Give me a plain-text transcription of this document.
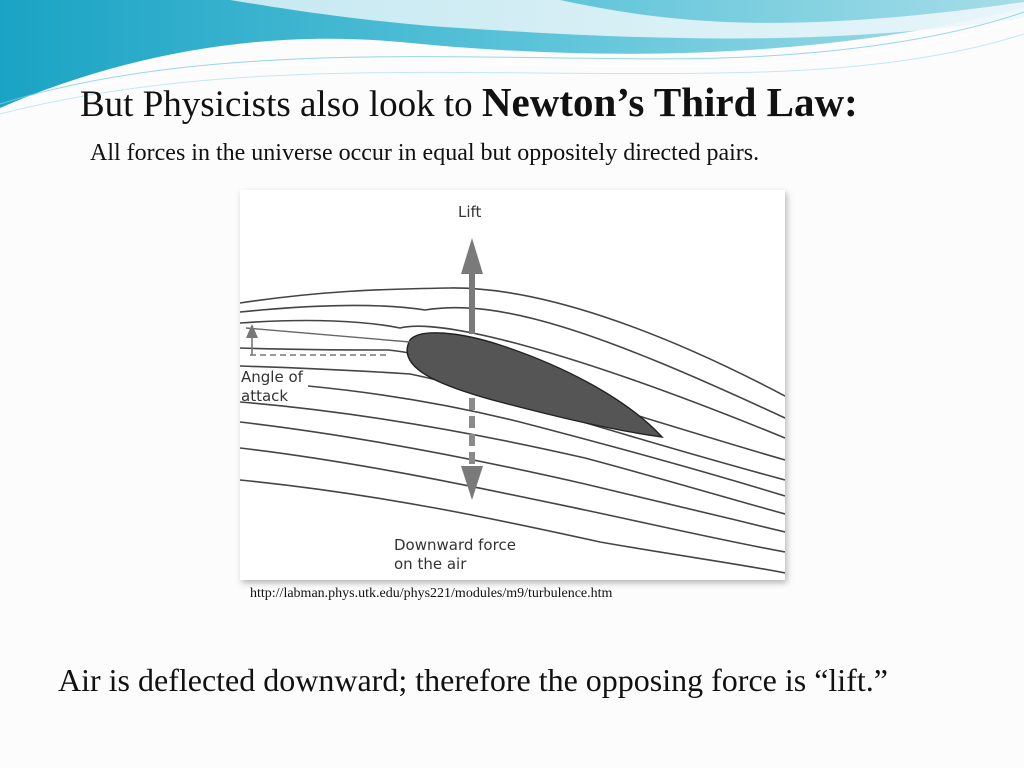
But Physicists also look to Newton’s Third Law:

All forces in the universe occur in equal but oppositely directed pairs.

Lift
Angle of
attack
Downward force
on the air

http://labman.phys.utk.edu/phys221/modules/m9/turbulence.htm

Air is deflected downward; therefore the opposing force is “lift.”
